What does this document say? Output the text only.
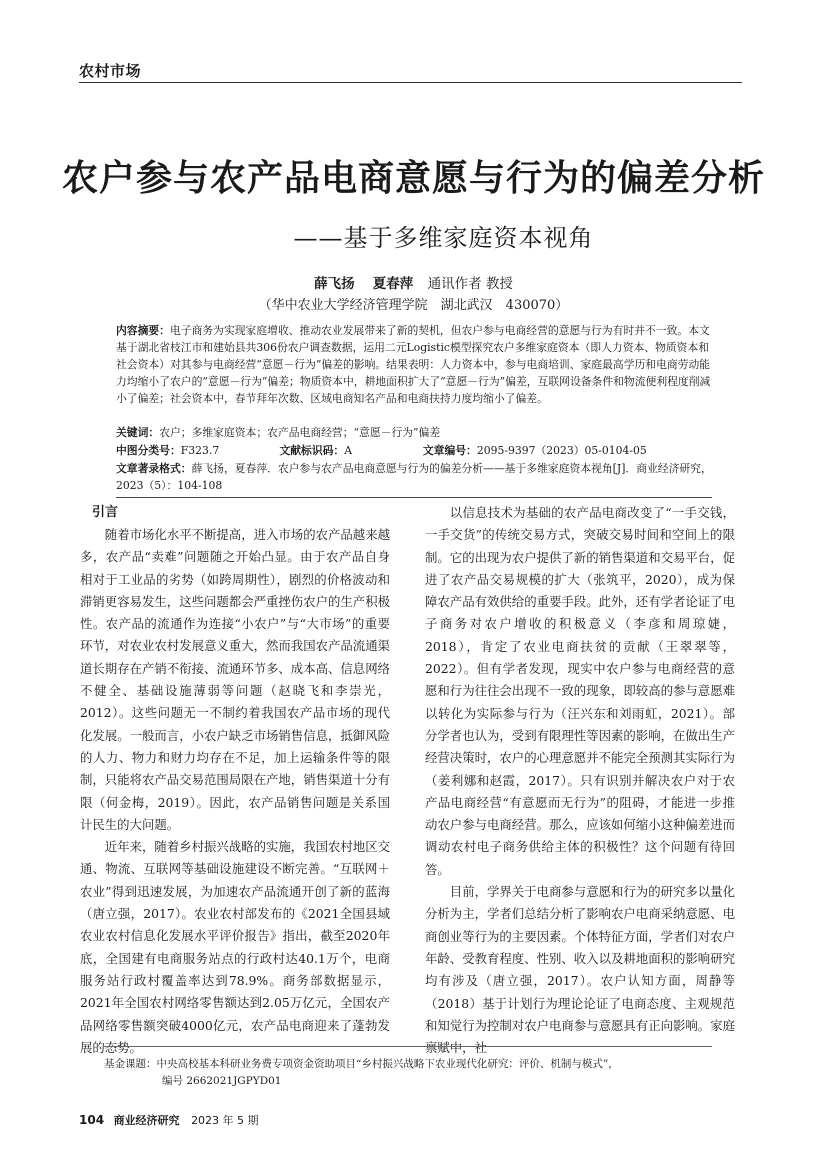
农村市场
农户参与农产品电商意愿与行为的偏差分析
——基于多维家庭资本视角
薛飞扬　 夏春萍 通讯作者 教授
（华中农业大学经济管理学院　湖北武汉　430070）
内容摘要：电子商务为实现家庭增收、推动农业发展带来了新的契机，但农户参与电商经营的意愿与行为有时并不一致。本文基于湖北省枝江市和建始县共306份农户调查数据，运用二元Logistic模型探究农户多维家庭资本（即人力资本、物质资本和社会资本）对其参与电商经营“意愿－行为”偏差的影响。结果表明：人力资本中，参与电商培训、家庭最高学历和电商劳动能力均缩小了农户的“意愿－行为”偏差；物质资本中，耕地面积扩大了“意愿－行为”偏差，互联网设备条件和物流便利程度削减小了偏差；社会资本中，春节拜年次数、区域电商知名产品和电商扶持力度均缩小了偏差。
关键词：农户；多维家庭资本；农产品电商经营；“意愿－行为”偏差
中图分类号：F323.7	文献标识码：A	文章编号：2095-9397（2023）05-0104-05
文章著录格式：薛飞扬，夏春萍．农户参与农产品电商意愿与行为的偏差分析——基于多维家庭资本视角[J]．商业经济研究，2023（5）：104-108
引言

随着市场化水平不断提高，进入市场的农产品越来越多，农产品“卖难”问题随之开始凸显。由于农产品自身相对于工业品的劣势（如跨周期性），剧烈的价格波动和滞销更容易发生，这些问题都会严重挫伤农户的生产积极性。农产品的流通作为连接“小农户”与“大市场”的重要环节，对农业农村发展意义重大，然而我国农产品流通渠道长期存在产销不衔接、流通环节多、成本高、信息网络不健全、基础设施薄弱等问题（赵晓飞和李崇光，2012）。这些问题无一不制约着我国农产品市场的现代化发展。一般而言，小农户缺乏市场销售信息，抵御风险的人力、物力和财力均存在不足，加上运输条件等的限制，只能将农产品交易范围局限在产地，销售渠道十分有限（何金梅，2019）。因此，农产品销售问题是关系国计民生的大问题。

近年来，随着乡村振兴战略的实施，我国农村地区交通、物流、互联网等基础设施建设不断完善。“互联网＋农业”得到迅速发展，为加速农产品流通开创了新的蓝海（唐立强，2017）。农业农村部发布的《2021全国县域农业农村信息化发展水平评价报告》指出，截至2020年底，全国建有电商服务站点的行政村达40.1万个，电商服务站行政村覆盖率达到78.9%。商务部数据显示，2021年全国农村网络零售额达到2.05万亿元，全国农产品网络零售额突破4000亿元，农产品电商迎来了蓬勃发展的态势。

以信息技术为基础的农产品电商改变了“一手交钱，一手交货”的传统交易方式，突破交易时间和空间上的限制。它的出现为农户提供了新的销售渠道和交易平台，促进了农产品交易规模的扩大（张筑平，2020），成为保障农产品有效供给的重要手段。此外，还有学者论证了电子商务对农户增收的积极意义（李彦和周琼婕，2018），肯定了农业电商扶贫的贡献（王翠翠等，2022）。但有学者发现，现实中农户参与电商经营的意愿和行为往往会出现不一致的现象，即较高的参与意愿难以转化为实际参与行为（汪兴东和刘雨虹，2021）。部分学者也认为，受到有限理性等因素的影响，在做出生产经营决策时，农户的心理意愿并不能完全预测其实际行为（姜利娜和赵霞，2017）。只有识别并解决农户对于农产品电商经营“有意愿而无行为”的阻碍，才能进一步推动农户参与电商经营。那么，应该如何缩小这种偏差进而调动农村电子商务供给主体的积极性？这个问题有待回答。

目前，学界关于电商参与意愿和行为的研究多以量化分析为主，学者们总结分析了影响农户电商采纳意愿、电商创业等行为的主要因素。个体特征方面，学者们对农户年龄、受教育程度、性别、收入以及耕地面积的影响研究均有涉及（唐立强，2017）。农户认知方面，周静等（2018）基于计划行为理论论证了电商态度、主观规范和知觉行为控制对农户电商参与意愿具有正向影响。家庭禀赋中，社

基金课题：中央高校基本科研业务费专项资金资助项目“乡村振兴战略下农业现代化研究：评价、机制与模式”，
编号 2662021JGPYD01
104 商业经济研究 2023 年 5 期
